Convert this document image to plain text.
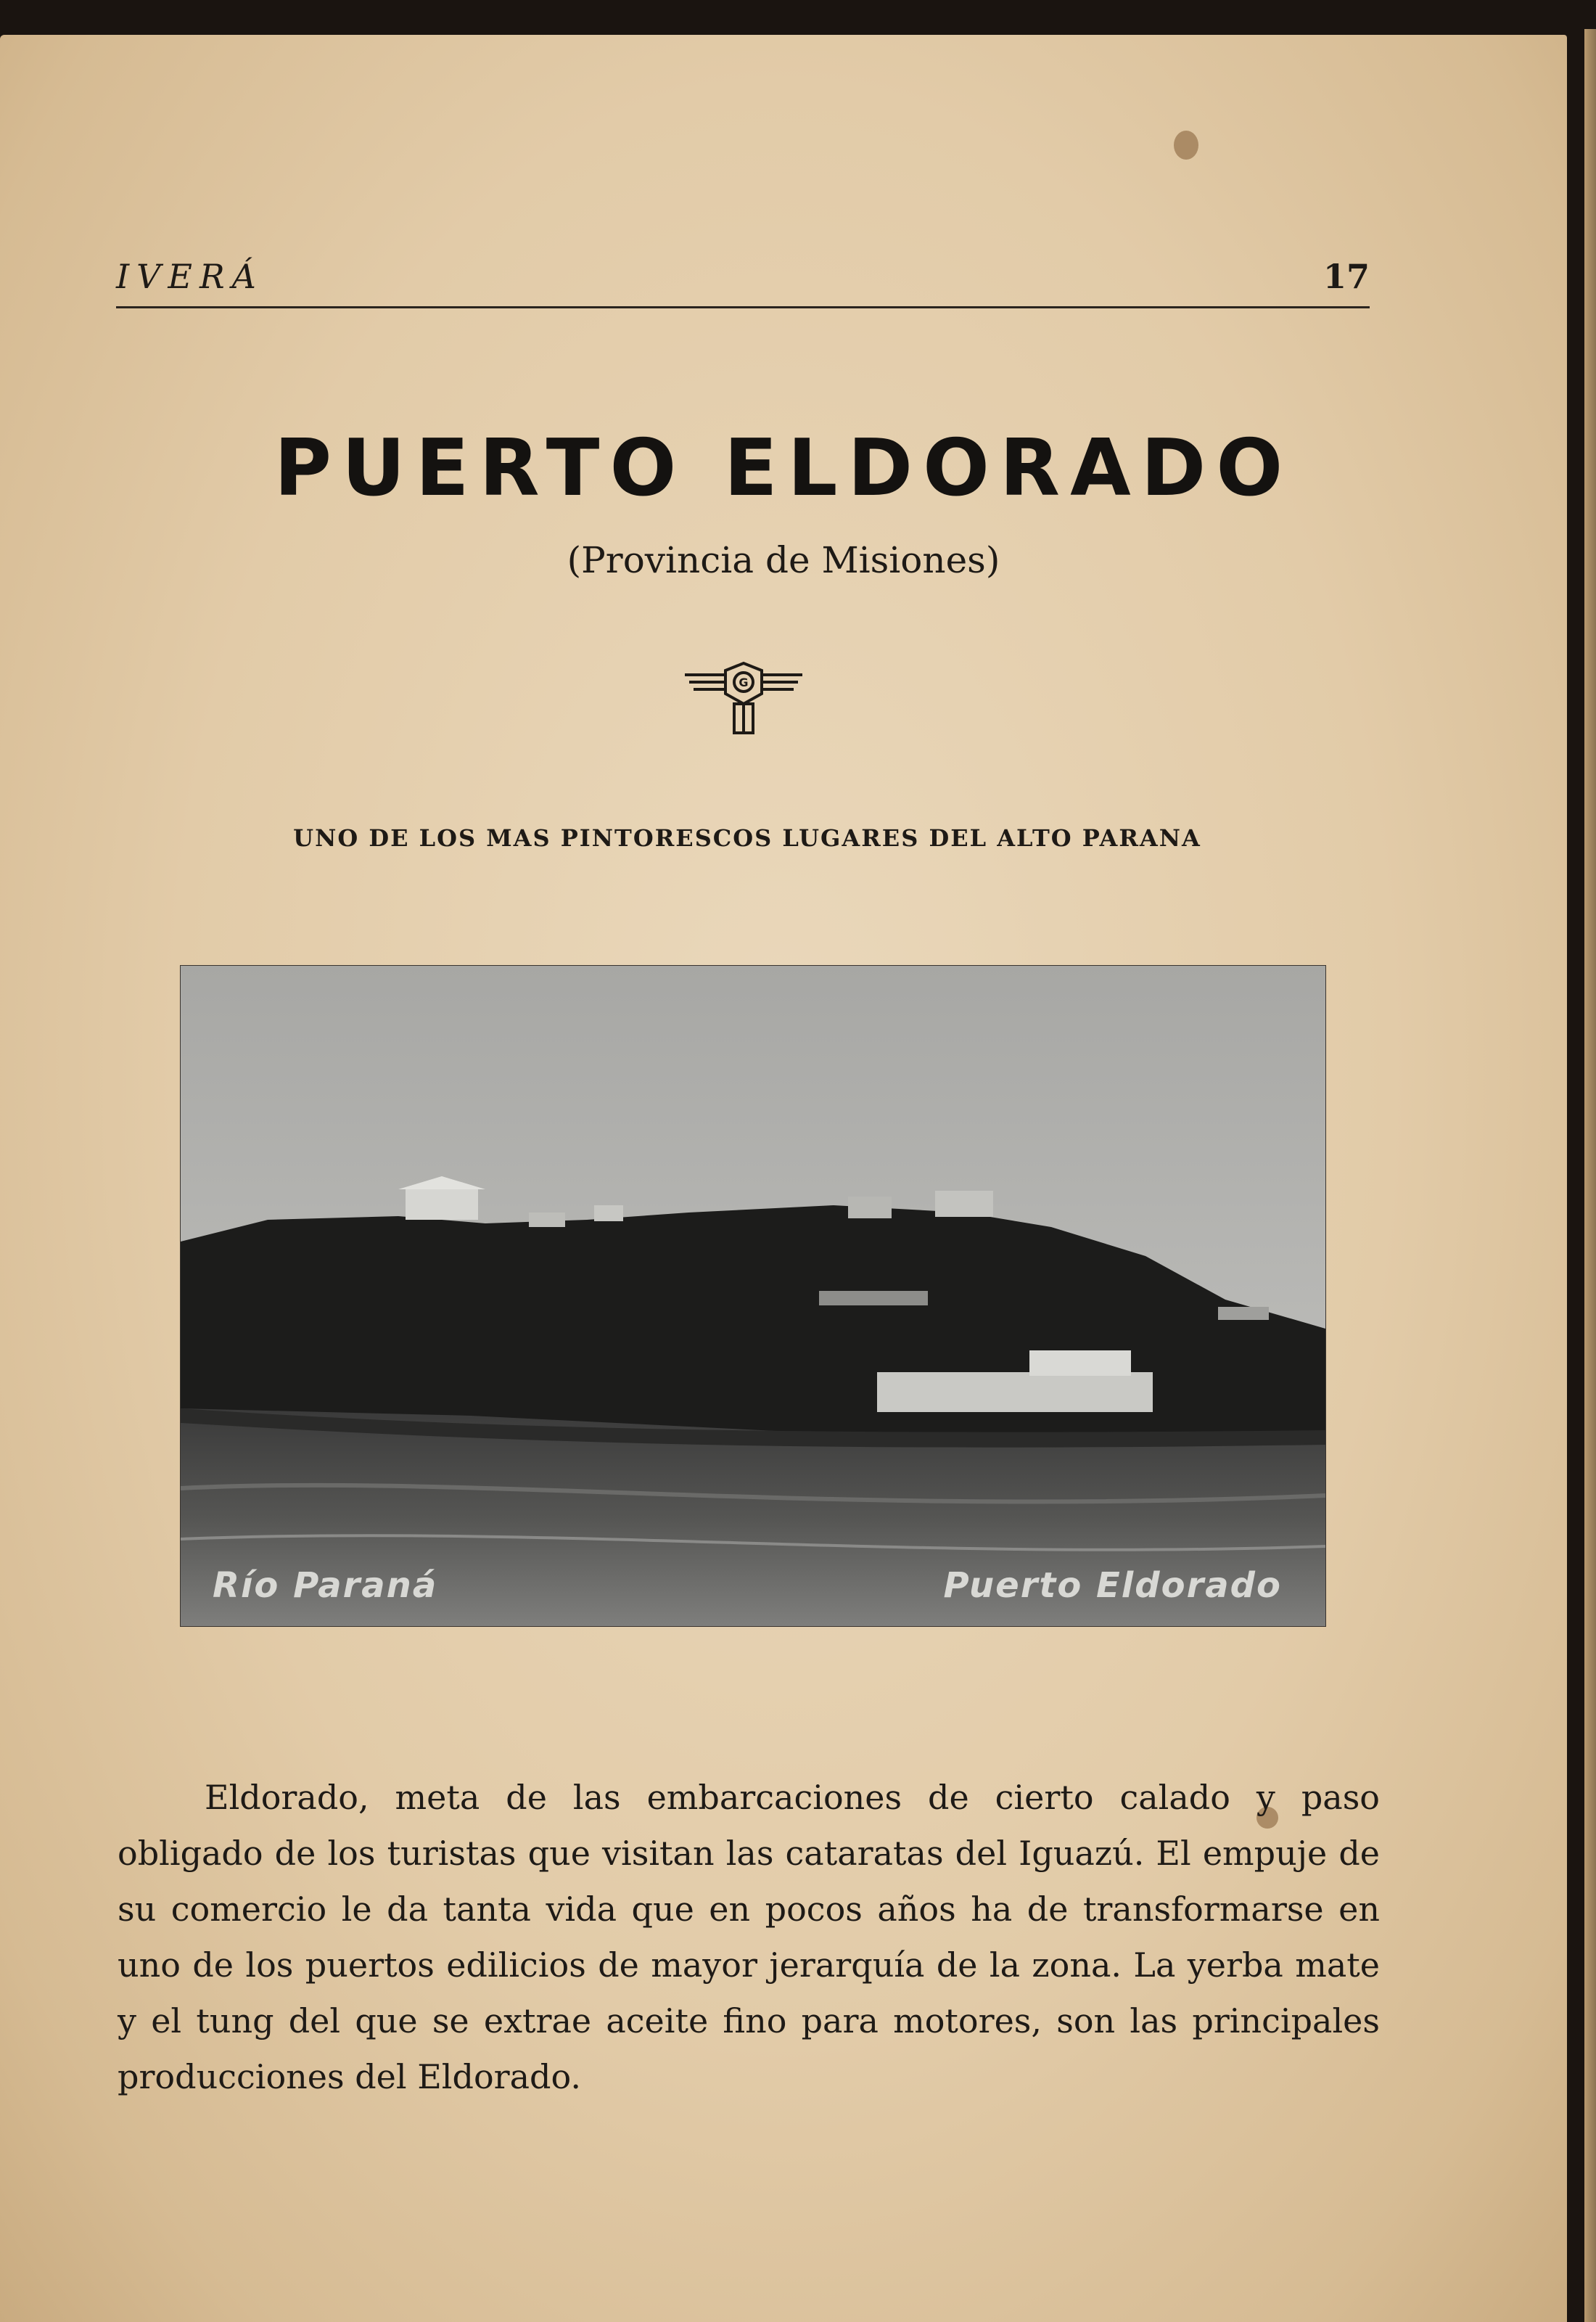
IVERÁ	17
PUERTO ELDORADO
(Provincia de Misiones)
G
UNO DE LOS MAS PINTORESCOS LUGARES DEL ALTO PARANA
Río Paraná	Puerto Eldorado

Eldorado, meta de las embarcaciones de cierto calado y paso obligado de los turistas que visitan las cataratas del Iguazú. El empuje de su comercio le da tanta vida que en pocos años ha de transformarse en uno de los puertos edilicios de mayor jerarquía de la zona. La yerba mate y el tung del que se extrae aceite fino para motores, son las principales producciones del Eldorado.
